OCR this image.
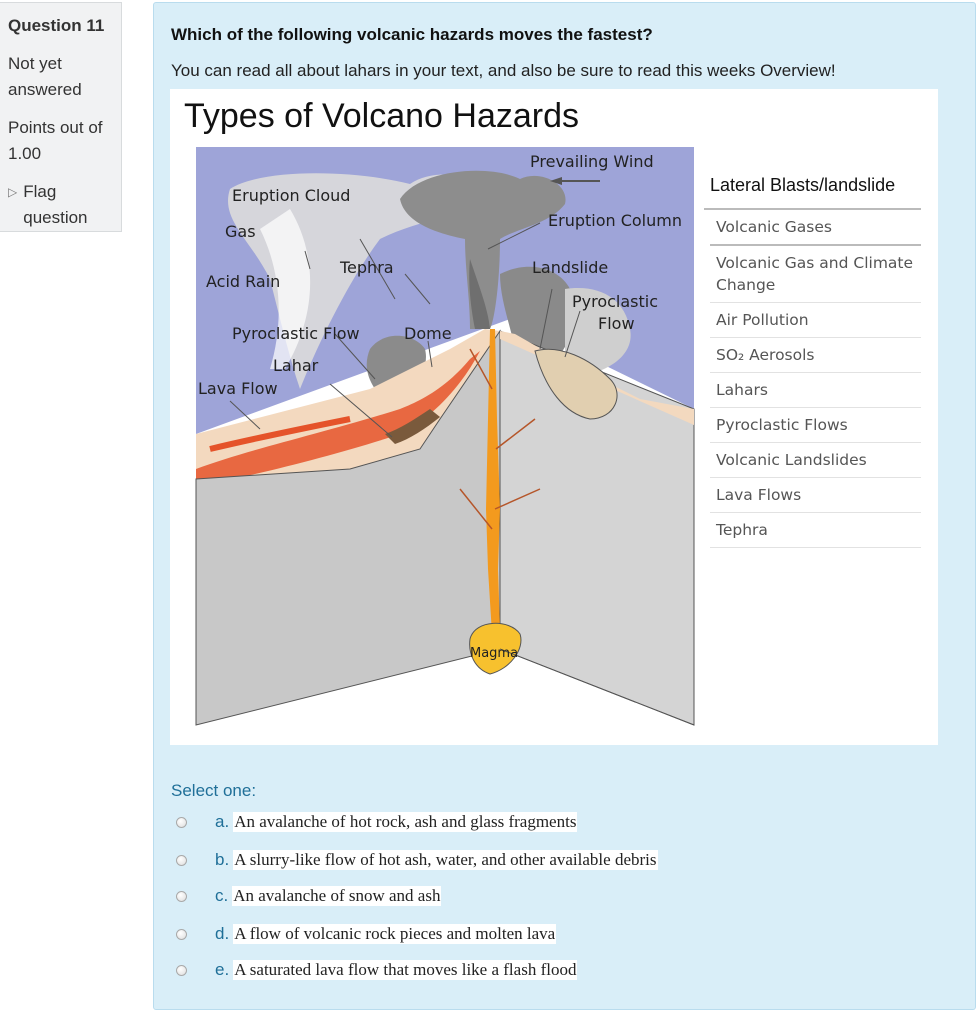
Question 11
Not yet answered
Points out of 1.00
▷ Flag question
Which of the following volcanic hazards moves the fastest?
You can read all about lahars in your text, and also be sure to read this weeks Overview!
Types of Volcano Hazards
Prevailing Wind
Eruption Cloud
Eruption Column
Gas
Acid Rain
Tephra	Landslide
Pyroclastic
Flow
Pyroclastic Flow	Dome
Lahar
Lava Flow
Magma
Lateral Blasts/landslide
Volcanic Gases
Volcanic Gas and Climate Change
Air Pollution
SO₂ Aerosols
Lahars
Pyroclastic Flows
Volcanic Landslides
Lava Flows
Tephra
Select one:
a. An avalanche of hot rock, ash and glass fragments
b. A slurry-like flow of hot ash, water, and other available debris
c. An avalanche of snow and ash
d. A flow of volcanic rock pieces and molten lava
e. A saturated lava flow that moves like a flash flood
